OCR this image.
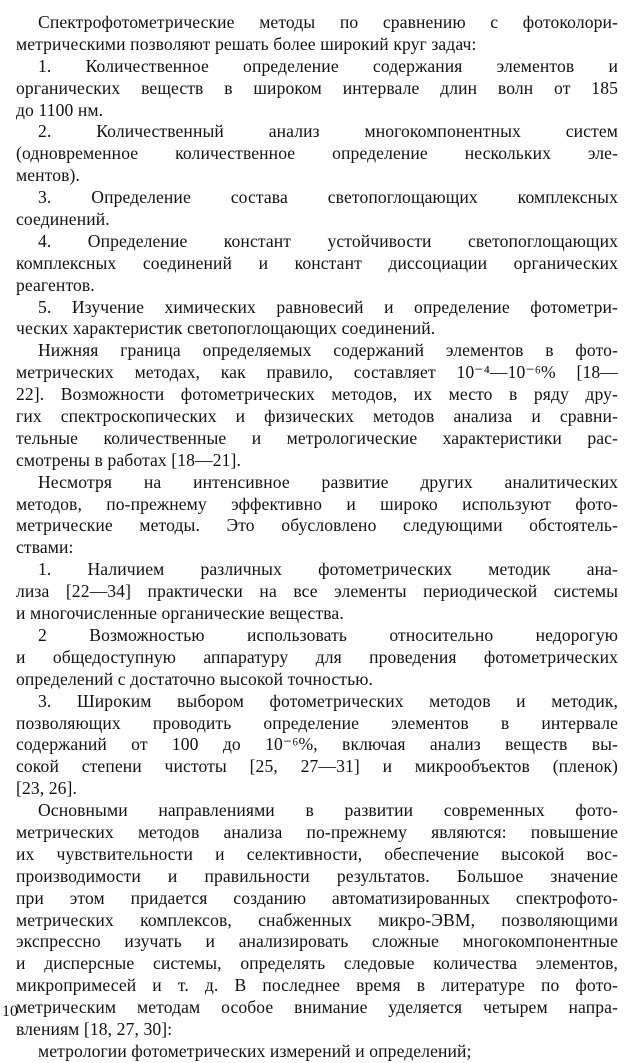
Спектрофотометрические методы по сравнению с фотоколори-
метрическими позволяют решать более широкий круг задач:
1. Количественное определение содержания элементов и
органических веществ в широком интервале длин волн от 185
до 1100 нм.
2. Количественный анализ многокомпонентных систем
(одновременное количественное определение нескольких эле-
ментов).
3. Определение состава светопоглощающих комплексных
соединений.
4. Определение констант устойчивости светопоглощающих
комплексных соединений и констант диссоциации органических
реагентов.
5. Изучение химических равновесий и определение фотометри-
ческих характеристик светопоглощающих соединений.
Нижняя граница определяемых содержаний элементов в фото-
метрических методах, как правило, составляет 10⁻⁴—10⁻⁶% [18—
22]. Возможности фотометрических методов, их место в ряду дру-
гих спектроскопических и физических методов анализа и сравни-
тельные количественные и метрологические характеристики рас-
смотрены в работах [18—21].
Несмотря на интенсивное развитие других аналитических
методов, по-прежнему эффективно и широко используют фото-
метрические методы. Это обусловлено следующими обстоятель-
ствами:
1. Наличием различных фотометрических методик ана-
лиза [22—34] практически на все элементы периодической системы
и многочисленные органические вещества.
2 Возможностью использовать относительно недорогую
и общедоступную аппаратуру для проведения фотометрических
определений с достаточно высокой точностью.
3. Широким выбором фотометрических методов и методик,
позволяющих проводить определение элементов в интервале
содержаний от 100 до 10⁻⁶%, включая анализ веществ вы-
сокой степени чистоты [25, 27—31] и микрообъектов (пленок)
[23, 26].
Основными направлениями в развитии современных фото-
метрических методов анализа по-прежнему являются: повышение
их чувствительности и селективности, обеспечение высокой вос-
производимости и правильности результатов. Большое значение
при этом придается созданию автоматизированных спектрофото-
метрических комплексов, снабженных микро-ЭВМ, позволяющими
экспрессно изучать и анализировать сложные многокомпонентные
и дисперсные системы, определять следовые количества элементов,
микропримесей и т. д. В последнее время в литературе по фото-
метрическим методам особое внимание уделяется четырем напра-
влениям [18, 27, 30]:
метрологии фотометрических измерений и определений;
10
